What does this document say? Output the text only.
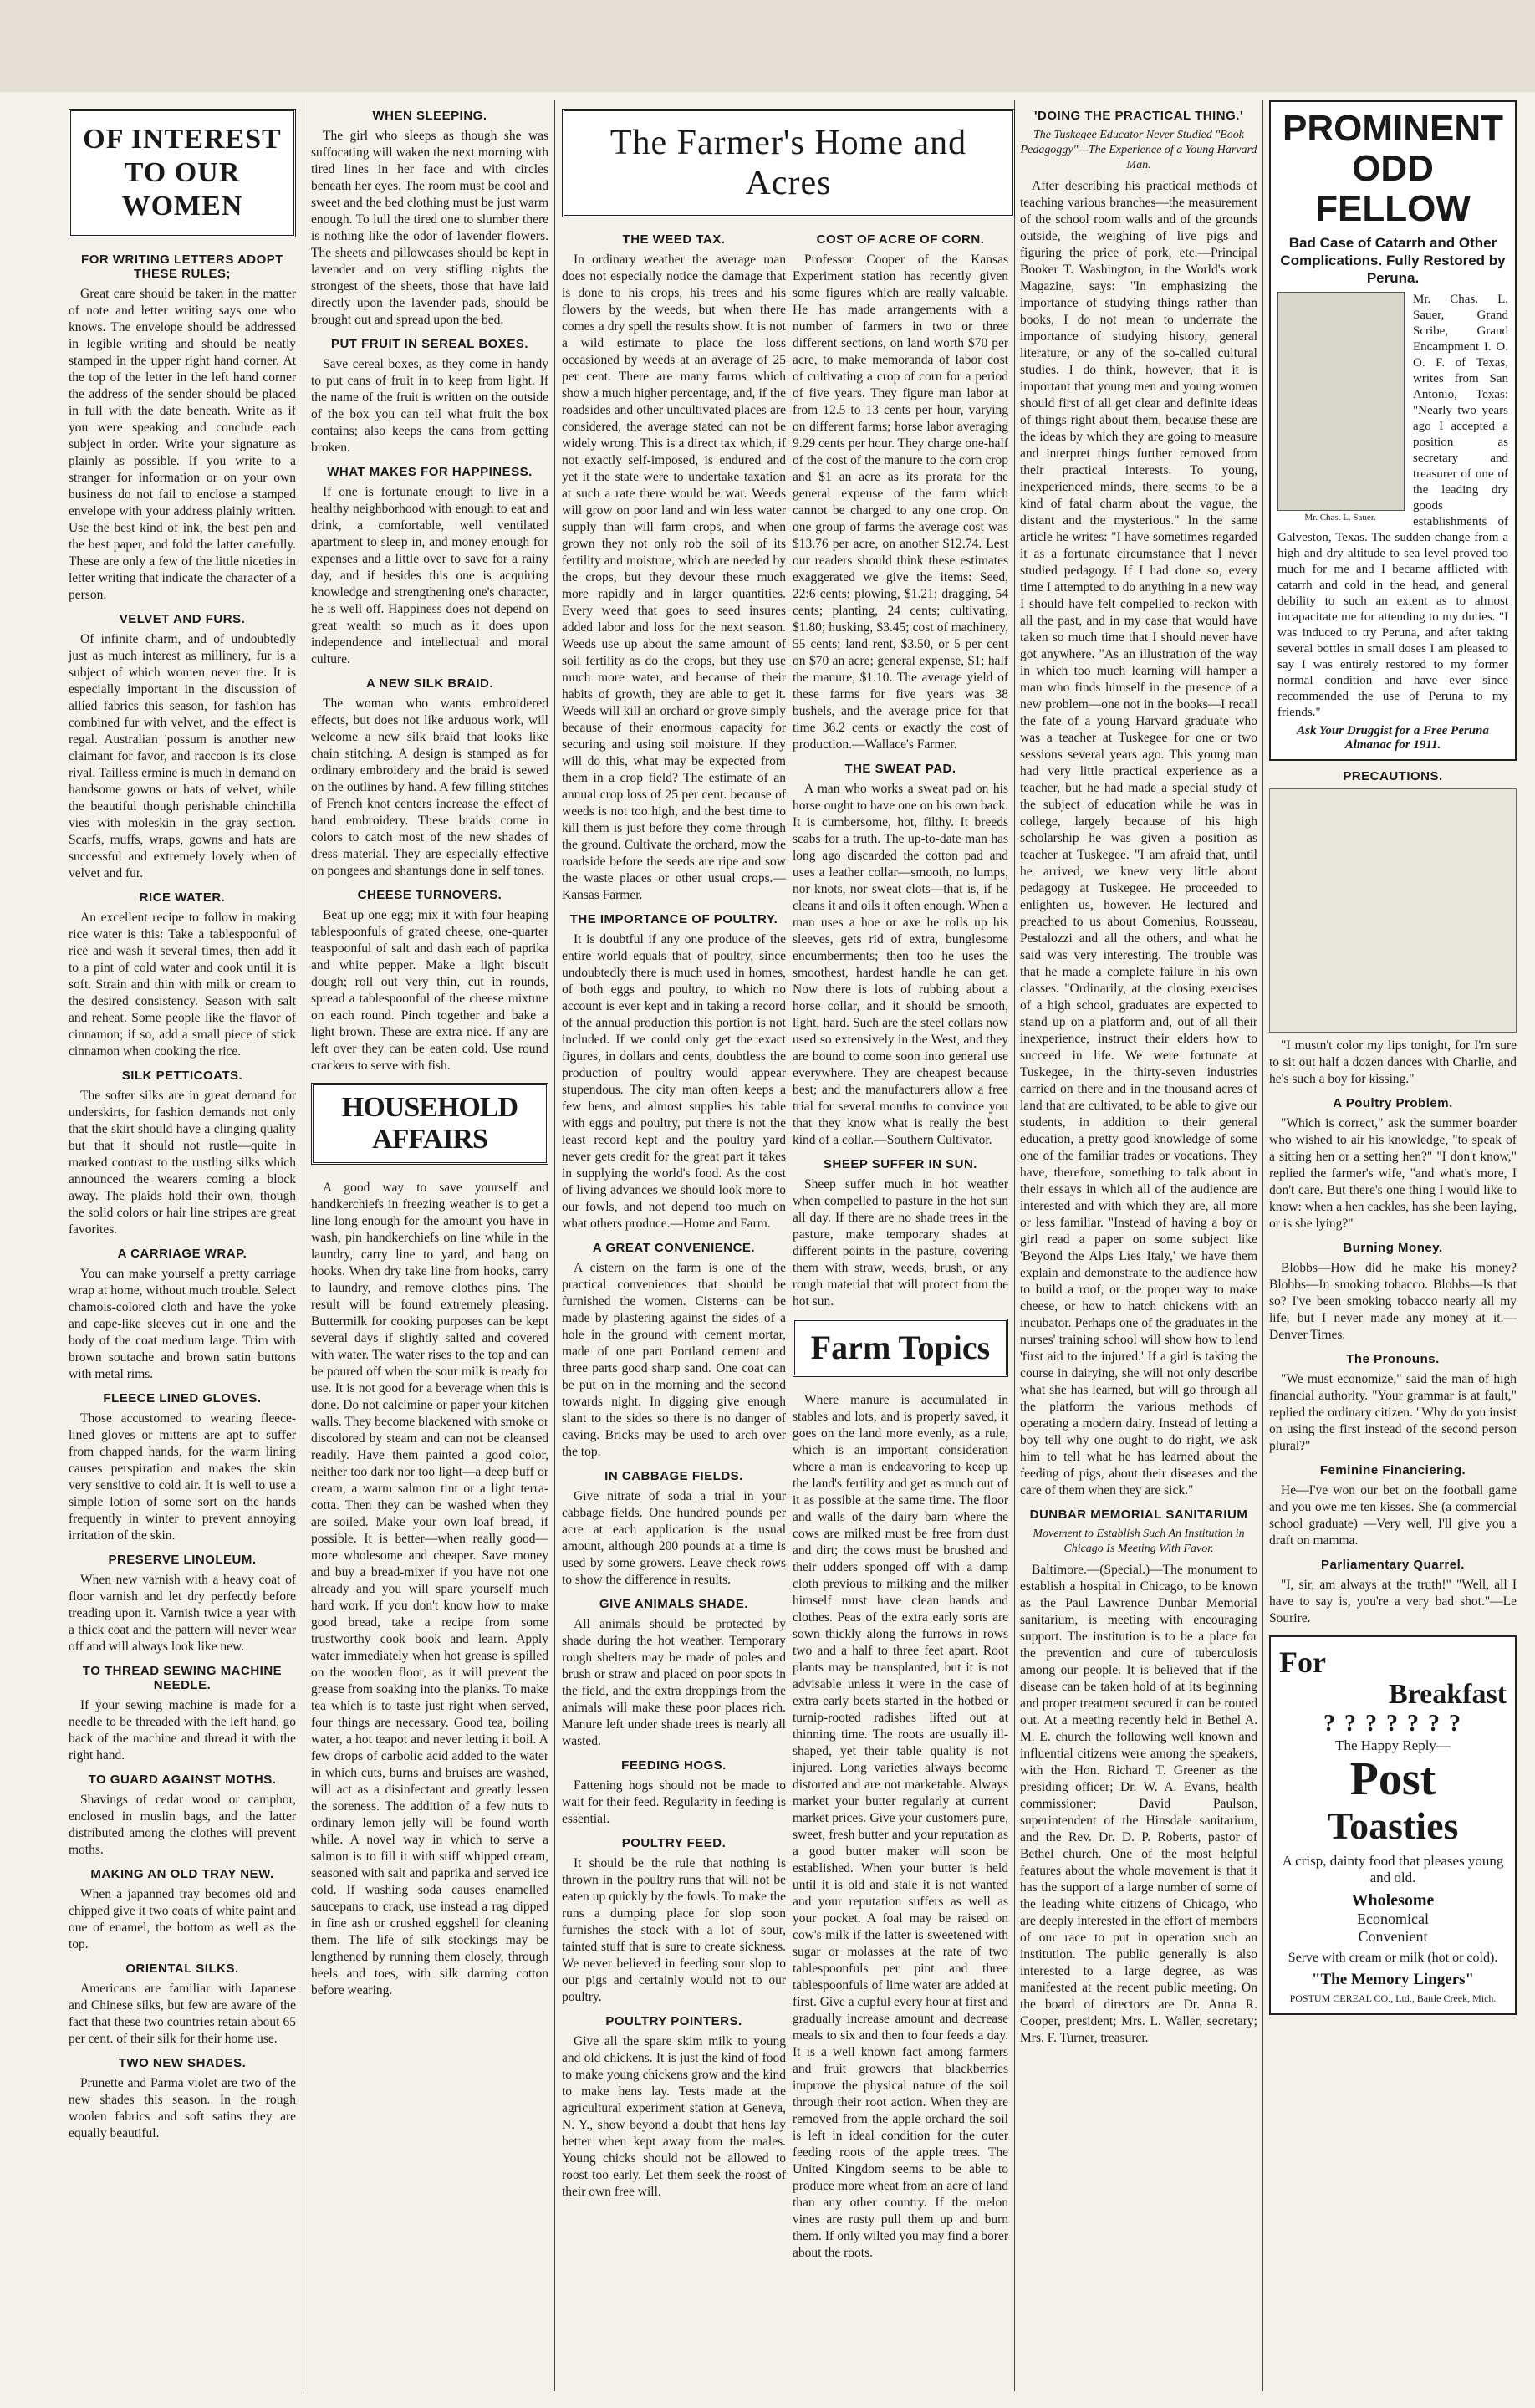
OF INTEREST TO OUR WOMEN
FOR WRITING LETTERS ADOPT THESE RULES;

Great care should be taken in the matter of note and letter writing says one who knows. The envelope should be addressed in legible writing and should be neatly stamped in the upper right hand corner. At the top of the letter in the left hand corner the address of the sender should be placed in full with the date beneath. Write as if you were speaking and conclude each subject in order. Write your signature as plainly as possible. If you write to a stranger for information or on your own business do not fail to enclose a stamped envelope with your address plainly written. Use the best kind of ink, the best pen and the best paper, and fold the latter carefully. These are only a few of the little niceties in letter writing that indicate the character of a person.

VELVET AND FURS.

Of infinite charm, and of undoubtedly just as much interest as millinery, fur is a subject of which women never tire. It is especially important in the discussion of allied fabrics this season, for fashion has combined fur with velvet, and the effect is regal. Australian 'possum is another new claimant for favor, and raccoon is its close rival. Tailless ermine is much in demand on handsome gowns or hats of velvet, while the beautiful though perishable chinchilla vies with moleskin in the gray section. Scarfs, muffs, wraps, gowns and hats are successful and extremely lovely when of velvet and fur.

RICE WATER.

An excellent recipe to follow in making rice water is this: Take a tablespoonful of rice and wash it several times, then add it to a pint of cold water and cook until it is soft. Strain and thin with milk or cream to the desired consistency. Season with salt and reheat. Some people like the flavor of cinnamon; if so, add a small piece of stick cinnamon when cooking the rice.

SILK PETTICOATS.

The softer silks are in great demand for underskirts, for fashion demands not only that the skirt should have a clinging quality but that it should not rustle—quite in marked contrast to the rustling silks which announced the wearers coming a block away. The plaids hold their own, though the solid colors or hair line stripes are great favorites.

A CARRIAGE WRAP.

You can make yourself a pretty carriage wrap at home, without much trouble. Select chamois-colored cloth and have the yoke and cape-like sleeves cut in one and the body of the coat medium large. Trim with brown soutache and brown satin buttons with metal rims.

FLEECE LINED GLOVES.

Those accustomed to wearing fleece-lined gloves or mittens are apt to suffer from chapped hands, for the warm lining causes perspiration and makes the skin very sensitive to cold air. It is well to use a simple lotion of some sort on the hands frequently in winter to prevent annoying irritation of the skin.

PRESERVE LINOLEUM.

When new varnish with a heavy coat of floor varnish and let dry perfectly before treading upon it. Varnish twice a year with a thick coat and the pattern will never wear off and will always look like new.

TO THREAD SEWING MACHINE NEEDLE.

If your sewing machine is made for a needle to be threaded with the left hand, go back of the machine and thread it with the right hand.

TO GUARD AGAINST MOTHS.

Shavings of cedar wood or camphor, enclosed in muslin bags, and the latter distributed among the clothes will prevent moths.

MAKING AN OLD TRAY NEW.

When a japanned tray becomes old and chipped give it two coats of white paint and one of enamel, the bottom as well as the top.

ORIENTAL SILKS.

Americans are familiar with Japanese and Chinese silks, but few are aware of the fact that these two countries retain about 65 per cent. of their silk for their home use.

TWO NEW SHADES.

Prunette and Parma violet are two of the new shades this season. In the rough woolen fabrics and soft satins they are equally beautiful.

WHEN SLEEPING.

The girl who sleeps as though she was suffocating will waken the next morning with tired lines in her face and with circles beneath her eyes. The room must be cool and sweet and the bed clothing must be just warm enough. To lull the tired one to slumber there is nothing like the odor of lavender flowers. The sheets and pillowcases should be kept in lavender and on very stifling nights the strongest of the sheets, those that have laid directly upon the lavender pads, should be brought out and spread upon the bed.

PUT FRUIT IN SEREAL BOXES.

Save cereal boxes, as they come in handy to put cans of fruit in to keep from light. If the name of the fruit is written on the outside of the box you can tell what fruit the box contains; also keeps the cans from getting broken.

WHAT MAKES FOR HAPPINESS.

If one is fortunate enough to live in a healthy neighborhood with enough to eat and drink, a comfortable, well ventilated apartment to sleep in, and money enough for expenses and a little over to save for a rainy day, and if besides this one is acquiring knowledge and strengthening one's character, he is well off. Happiness does not depend on great wealth so much as it does upon independence and intellectual and moral culture.

A NEW SILK BRAID.

The woman who wants embroidered effects, but does not like arduous work, will welcome a new silk braid that looks like chain stitching. A design is stamped as for ordinary embroidery and the braid is sewed on the outlines by hand. A few filling stitches of French knot centers increase the effect of hand embroidery. These braids come in colors to catch most of the new shades of dress material. They are especially effective on pongees and shantungs done in self tones.

CHEESE TURNOVERS.

Beat up one egg; mix it with four heaping tablespoonfuls of grated cheese, one-quarter teaspoonful of salt and dash each of paprika and white pepper. Make a light biscuit dough; roll out very thin, cut in rounds, spread a tablespoonful of the cheese mixture on each round. Pinch together and bake a light brown. These are extra nice. If any are left over they can be eaten cold. Use round crackers to serve with fish.

HOUSEHOLD AFFAIRS

A good way to save yourself and handkerchiefs in freezing weather is to get a line long enough for the amount you have in wash, pin handkerchiefs on line while in the laundry, carry line to yard, and hang on hooks. When dry take line from hooks, carry to laundry, and remove clothes pins. The result will be found extremely pleasing. Buttermilk for cooking purposes can be kept several days if slightly salted and covered with water. The water rises to the top and can be poured off when the sour milk is ready for use. It is not good for a beverage when this is done. Do not calcimine or paper your kitchen walls. They become blackened with smoke or discolored by steam and can not be cleansed readily. Have them painted a good color, neither too dark nor too light—a deep buff or cream, a warm salmon tint or a light terra-cotta. Then they can be washed when they are soiled. Make your own loaf bread, if possible. It is better—when really good—more wholesome and cheaper. Save money and buy a bread-mixer if you have not one already and you will spare yourself much hard work. If you don't know how to make good bread, take a recipe from some trustworthy cook book and learn. Apply water immediately when hot grease is spilled on the wooden floor, as it will prevent the grease from soaking into the planks. To make tea which is to taste just right when served, four things are necessary. Good tea, boiling water, a hot teapot and never letting it boil. A few drops of carbolic acid added to the water in which cuts, burns and bruises are washed, will act as a disinfectant and greatly lessen the soreness. The addition of a few nuts to ordinary lemon jelly will be found worth while. A novel way in which to serve a salmon is to fill it with stiff whipped cream, seasoned with salt and paprika and served ice cold. If washing soda causes enamelled saucepans to crack, use instead a rag dipped in fine ash or crushed eggshell for cleaning them. The life of silk stockings may be lengthened by running them closely, through heels and toes, with silk darning cotton before wearing.

The Farmer's Home and Acres
THE WEED TAX.

In ordinary weather the average man does not especially notice the damage that is done to his crops, his trees and his flowers by the weeds, but when there comes a dry spell the results show. It is not a wild estimate to place the loss occasioned by weeds at an average of 25 per cent. There are many farms which show a much higher percentage, and, if the roadsides and other uncultivated places are considered, the average stated can not be widely wrong. This is a direct tax which, if not exactly self-imposed, is endured and yet it the state were to undertake taxation at such a rate there would be war. Weeds will grow on poor land and win less water supply than will farm crops, and when grown they not only rob the soil of its fertility and moisture, which are needed by the crops, but they devour these much more rapidly and in larger quantities. Every weed that goes to seed insures added labor and loss for the next season. Weeds use up about the same amount of soil fertility as do the crops, but they use much more water, and because of their habits of growth, they are able to get it. Weeds will kill an orchard or grove simply because of their enormous capacity for securing and using soil moisture. If they will do this, what may be expected from them in a crop field? The estimate of an annual crop loss of 25 per cent. because of weeds is not too high, and the best time to kill them is just before they come through the ground. Cultivate the orchard, mow the roadside before the seeds are ripe and sow the waste places or other usual crops.—Kansas Farmer.

THE IMPORTANCE OF POULTRY.

It is doubtful if any one produce of the entire world equals that of poultry, since undoubtedly there is much used in homes, of both eggs and poultry, to which no account is ever kept and in taking a record of the annual production this portion is not included. If we could only get the exact figures, in dollars and cents, doubtless the production of poultry would appear stupendous. The city man often keeps a few hens, and almost supplies his table with eggs and poultry, put there is not the least record kept and the poultry yard never gets credit for the great part it takes in supplying the world's food. As the cost of living advances we should look more to our fowls, and not depend too much on what others produce.—Home and Farm.

A GREAT CONVENIENCE.

A cistern on the farm is one of the practical conveniences that should be furnished the women. Cisterns can be made by plastering against the sides of a hole in the ground with cement mortar, made of one part Portland cement and three parts good sharp sand. One coat can be put on in the morning and the second towards night. In digging give enough slant to the sides so there is no danger of caving. Bricks may be used to arch over the top.

IN CABBAGE FIELDS.

Give nitrate of soda a trial in your cabbage fields. One hundred pounds per acre at each application is the usual amount, although 200 pounds at a time is used by some growers. Leave check rows to show the difference in results.

GIVE ANIMALS SHADE.

All animals should be protected by shade during the hot weather. Temporary rough shelters may be made of poles and brush or straw and placed on poor spots in the field, and the extra droppings from the animals will make these poor places rich. Manure left under shade trees is nearly all wasted.

FEEDING HOGS.

Fattening hogs should not be made to wait for their feed. Regularity in feeding is essential.

POULTRY FEED.

It should be the rule that nothing is thrown in the poultry runs that will not be eaten up quickly by the fowls. To make the runs a dumping place for slop soon furnishes the stock with a lot of sour, tainted stuff that is sure to create sickness. We never believed in feeding sour slop to our pigs and certainly would not to our poultry.

POULTRY POINTERS.

Give all the spare skim milk to young and old chickens. It is just the kind of food to make young chickens grow and the kind to make hens lay. Tests made at the agricultural experiment station at Geneva, N. Y., show beyond a doubt that hens lay better when kept away from the males. Young chicks should not be allowed to roost too early. Let them seek the roost of their own free will.

COST OF ACRE OF CORN.

Professor Cooper of the Kansas Experiment station has recently given some figures which are really valuable. He has made arrangements with a number of farmers in two or three different sections, on land worth $70 per acre, to make memoranda of labor cost of cultivating a crop of corn for a period of five years. They figure man labor at from 12.5 to 13 cents per hour, varying on different farms; horse labor averaging 9.29 cents per hour. They charge one-half of the cost of the manure to the corn crop and $1 an acre as its prorata for the general expense of the farm which cannot be charged to any one crop. On one group of farms the average cost was $13.76 per acre, on another $12.74. Lest our readers should think these estimates exaggerated we give the items: Seed, 22:6 cents; plowing, $1.21; dragging, 54 cents; planting, 24 cents; cultivating, $1.80; husking, $3.45; cost of machinery, 55 cents; land rent, $3.50, or 5 per cent on $70 an acre; general expense, $1; half the manure, $1.10. The average yield of these farms for five years was 38 bushels, and the average price for that time 36.2 cents or exactly the cost of production.—Wallace's Farmer.

THE SWEAT PAD.

A man who works a sweat pad on his horse ought to have one on his own back. It is cumbersome, hot, filthy. It breeds scabs for a truth. The up-to-date man has long ago discarded the cotton pad and uses a leather collar—smooth, no lumps, nor knots, nor sweat clots—that is, if he cleans it and oils it often enough. When a man uses a hoe or axe he rolls up his sleeves, gets rid of extra, bunglesome encumberments; then too he uses the smoothest, hardest handle he can get. Now there is lots of rubbing about a horse collar, and it should be smooth, light, hard. Such are the steel collars now used so extensively in the West, and they are bound to come soon into general use everywhere. They are cheapest because best; and the manufacturers allow a free trial for several months to convince you that they know what is really the best kind of a collar.—Southern Cultivator.

SHEEP SUFFER IN SUN.

Sheep suffer much in hot weather when compelled to pasture in the hot sun all day. If there are no shade trees in the pasture, make temporary shades at different points in the pasture, covering them with straw, weeds, brush, or any rough material that will protect from the hot sun.

Farm Topics

Where manure is accumulated in stables and lots, and is properly saved, it goes on the land more evenly, as a rule, which is an important consideration where a man is endeavoring to keep up the land's fertility and get as much out of it as possible at the same time. The floor and walls of the dairy barn where the cows are milked must be free from dust and dirt; the cows must be brushed and their udders sponged off with a damp cloth previous to milking and the milker himself must have clean hands and clothes. Peas of the extra early sorts are sown thickly along the furrows in rows two and a half to three feet apart. Root plants may be transplanted, but it is not advisable unless it were in the case of extra early beets started in the hotbed or turnip-rooted radishes lifted out at thinning time. The roots are usually ill-shaped, yet their table quality is not injured. Long varieties always become distorted and are not marketable. Always market your butter regularly at current market prices. Give your customers pure, sweet, fresh butter and your reputation as a good butter maker will soon be established. When your butter is held until it is old and stale it is not wanted and your reputation suffers as well as your pocket. A foal may be raised on cow's milk if the latter is sweetened with sugar or molasses at the rate of two tablespoonfuls per pint and three tablespoonfuls of lime water are added at first. Give a cupful every hour at first and gradually increase amount and decrease meals to six and then to four feeds a day. It is a well known fact among farmers and fruit growers that blackberries improve the physical nature of the soil through their root action. When they are removed from the apple orchard the soil is left in ideal condition for the outer feeding roots of the apple trees. The United Kingdom seems to be able to produce more wheat from an acre of land than any other country. If the melon vines are rusty pull them up and burn them. If only wilted you may find a borer about the roots.

'DOING THE PRACTICAL THING.'
The Tuskegee Educator Never Studied "Book Pedagoggy"—The Experience of a Young Harvard Man.

After describing his practical methods of teaching various branches—the measurement of the school room walls and of the grounds outside, the weighing of live pigs and figuring the price of pork, etc.—Principal Booker T. Washington, in the World's work Magazine, says: "In emphasizing the importance of studying things rather than books, I do not mean to underrate the importance of studying history, general literature, or any of the so-called cultural studies. I do think, however, that it is important that young men and young women should first of all get clear and definite ideas of things right about them, because these are the ideas by which they are going to measure and interpret things further removed from their practical interests. To young, inexperienced minds, there seems to be a kind of fatal charm about the vague, the distant and the mysterious." In the same article he writes: "I have sometimes regarded it as a fortunate circumstance that I never studied pedagogy. If I had done so, every time I attempted to do anything in a new way I should have felt compelled to reckon with all the past, and in my case that would have taken so much time that I should never have got anywhere. "As an illustration of the way in which too much learning will hamper a man who finds himself in the presence of a new problem—one not in the books—I recall the fate of a young Harvard graduate who was a teacher at Tuskegee for one or two sessions several years ago. This young man had very little practical experience as a teacher, but he had made a special study of the subject of education while he was in college, largely because of his high scholarship he was given a position as teacher at Tuskegee. "I am afraid that, until he arrived, we knew very little about pedagogy at Tuskegee. He proceeded to enlighten us, however. He lectured and preached to us about Comenius, Rousseau, Pestalozzi and all the others, and what he said was very interesting. The trouble was that he made a complete failure in his own classes. "Ordinarily, at the closing exercises of a high school, graduates are expected to stand up on a platform and, out of all their inexperience, instruct their elders how to succeed in life. We were fortunate at Tuskegee, in the thirty-seven industries carried on there and in the thousand acres of land that are cultivated, to be able to give our students, in addition to their general education, a pretty good knowledge of some one of the familiar trades or vocations. They have, therefore, something to talk about in their essays in which all of the audience are interested and with which they are, all more or less familiar. "Instead of having a boy or girl read a paper on some subject like 'Beyond the Alps Lies Italy,' we have them explain and demonstrate to the audience how to build a roof, or the proper way to make cheese, or how to hatch chickens with an incubator. Perhaps one of the graduates in the nurses' training school will show how to lend 'first aid to the injured.' If a girl is taking the course in dairying, she will not only describe what she has learned, but will go through all the platform the various methods of operating a modern dairy. Instead of letting a boy tell why one ought to do right, we ask him to tell what he has learned about the feeding of pigs, about their diseases and the care of them when they are sick."

DUNBAR MEMORIAL SANITARIUM
Movement to Establish Such An Institution in Chicago Is Meeting With Favor.

Baltimore.—(Special.)—The monument to establish a hospital in Chicago, to be known as the Paul Lawrence Dunbar Memorial sanitarium, is meeting with encouraging support. The institution is to be a place for the prevention and cure of tuberculosis among our people. It is believed that if the disease can be taken hold of at its beginning and proper treatment secured it can be routed out. At a meeting recently held in Bethel A. M. E. church the following well known and influential citizens were among the speakers, with the Hon. Richard T. Greener as the presiding officer; Dr. W. A. Evans, health commissioner; David Paulson, superintendent of the Hinsdale sanitarium, and the Rev. Dr. D. P. Roberts, pastor of Bethel church. One of the most helpful features about the whole movement is that it has the support of a large number of some of the leading white citizens of Chicago, who are deeply interested in the effort of members of our race to put in operation such an institution. The public generally is also interested to a large degree, as was manifested at the recent public meeting. On the board of directors are Dr. Anna R. Cooper, president; Mrs. L. Waller, secretary; Mrs. F. Turner, treasurer.

PROMINENT
ODD FELLOW
Bad Case of Catarrh and Other Complications. Fully Restored by Peruna.
Mr. Chas. L. Sauer.

Mr. Chas. L. Sauer, Grand Scribe, Grand Encampment I. O. O. F. of Texas, writes from San Antonio, Texas: "Nearly two years ago I accepted a position as secretary and treasurer of one of the leading dry goods establishments of Galveston, Texas. The sudden change from a high and dry altitude to sea level proved too much for me and I became afflicted with catarrh and cold in the head, and general debility to such an extent as to almost incapacitate me for attending to my duties. "I was induced to try Peruna, and after taking several bottles in small doses I am pleased to say I was entirely restored to my former normal condition and have ever since recommended the use of Peruna to my friends."

Ask Your Druggist for a Free Peruna Almanac for 1911.
PRECAUTIONS.

"I mustn't color my lips tonight, for I'm sure to sit out half a dozen dances with Charlie, and he's such a boy for kissing."

A Poultry Problem.

"Which is correct," ask the summer boarder who wished to air his knowledge, "to speak of a sitting hen or a setting hen?" "I don't know," replied the farmer's wife, "and what's more, I don't care. But there's one thing I would like to know: when a hen cackles, has she been laying, or is she lying?"

Burning Money.

Blobbs—How did he make his money? Blobbs—In smoking tobacco. Blobbs—Is that so? I've been smoking tobacco nearly all my life, but I never made any money at it.—Denver Times.

The Pronouns.

"We must economize," said the man of high financial authority. "Your grammar is at fault," replied the ordinary citizen. "Why do you insist on using the first instead of the second person plural?"

Feminine Financiering.

He—I've won our bet on the football game and you owe me ten kisses. She (a commercial school graduate) —Very well, I'll give you a draft on mamma.

Parliamentary Quarrel.

"I, sir, am always at the truth!" "Well, all I have to say is, you're a very bad shot."—Le Sourire.

For
Breakfast
? ? ? ? ? ? ?
The Happy Reply—
Post
Toasties
A crisp, dainty food that pleases young and old.
Wholesome
Economical
Convenient
Serve with cream or milk (hot or cold).
"The Memory Lingers"
POSTUM CEREAL CO., Ltd., Battle Creek, Mich.
